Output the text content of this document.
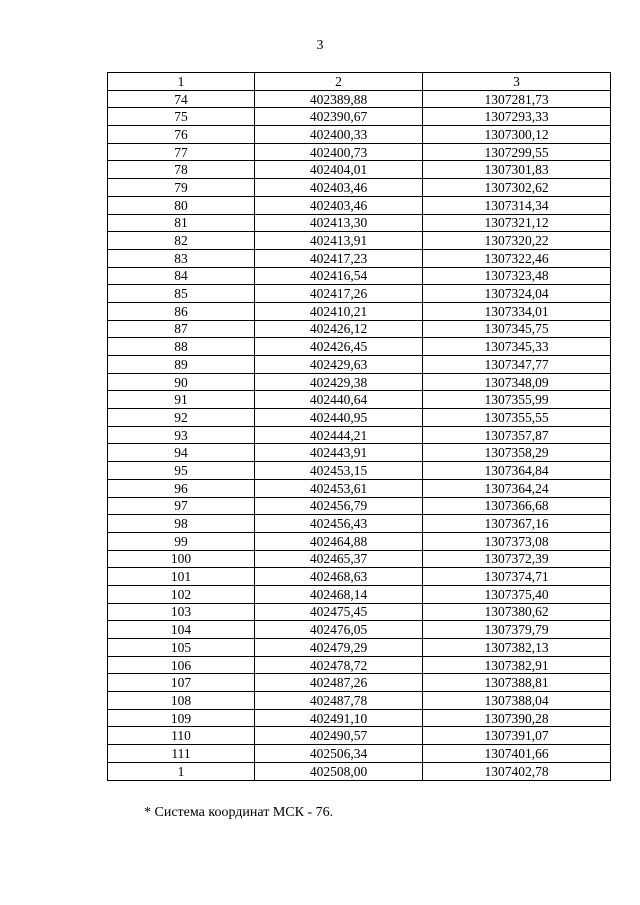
3
1	2	3
74	402389,88	1307281,73
75	402390,67	1307293,33
76	402400,33	1307300,12
77	402400,73	1307299,55
78	402404,01	1307301,83
79	402403,46	1307302,62
80	402403,46	1307314,34
81	402413,30	1307321,12
82	402413,91	1307320,22
83	402417,23	1307322,46
84	402416,54	1307323,48
85	402417,26	1307324,04
86	402410,21	1307334,01
87	402426,12	1307345,75
88	402426,45	1307345,33
89	402429,63	1307347,77
90	402429,38	1307348,09
91	402440,64	1307355,99
92	402440,95	1307355,55
93	402444,21	1307357,87
94	402443,91	1307358,29
95	402453,15	1307364,84
96	402453,61	1307364,24
97	402456,79	1307366,68
98	402456,43	1307367,16
99	402464,88	1307373,08
100	402465,37	1307372,39
101	402468,63	1307374,71
102	402468,14	1307375,40
103	402475,45	1307380,62
104	402476,05	1307379,79
105	402479,29	1307382,13
106	402478,72	1307382,91
107	402487,26	1307388,81
108	402487,78	1307388,04
109	402491,10	1307390,28
110	402490,57	1307391,07
111	402506,34	1307401,66
1	402508,00	1307402,78
* Система координат МСК - 76.
